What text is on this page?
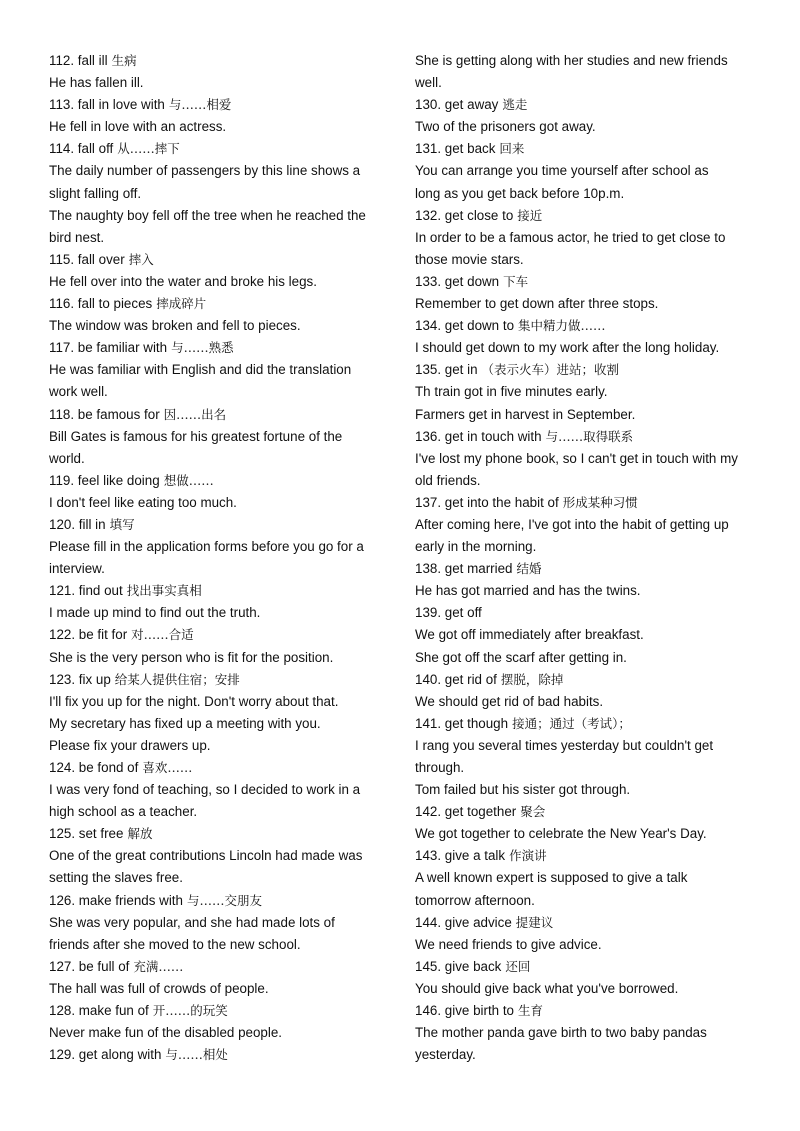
112. fall ill 生病
He has fallen ill.
113. fall in love with 与……相爱
He fell in love with an actress.
114. fall off 从……摔下
The daily number of passengers by this line shows a
slight falling off.
The naughty boy fell off the tree when he reached the
bird nest.
115. fall over 摔入
He fell over into the water and broke his legs.
116. fall to pieces 摔成碎片
The window was broken and fell to pieces.
117. be familiar with 与……熟悉
He was familiar with English and did the translation
work well.
118. be famous for 因……出名
Bill Gates is famous for his greatest fortune of the
world.
119. feel like doing 想做……
I don't feel like eating too much.
120. fill in 填写
Please fill in the application forms before you go for a
interview.
121. find out 找出事实真相
I made up mind to find out the truth.
122. be fit for 对……合适
She is the very person who is fit for the position.
123. fix up 给某人提供住宿；安排
I'll fix you up for the night. Don't worry about that.
My secretary has fixed up a meeting with you.
Please fix your drawers up.
124. be fond of 喜欢……
I was very fond of teaching, so I decided to work in a
high school as a teacher.
125. set free 解放
One of the great contributions Lincoln had made was
setting the slaves free.
126. make friends with 与……交朋友
She was very popular, and she had made lots of
friends after she moved to the new school.
127. be full of 充满……
The hall was full of crowds of people.
128. make fun of 开……的玩笑
Never make fun of the disabled people.
129. get along with 与……相处
She is getting along with her studies and new friends
well.
130. get away 逃走
Two of the prisoners got away.
131. get back 回来
You can arrange you time yourself after school as
long as you get back before 10p.m.
132. get close to 接近
In order to be a famous actor, he tried to get close to
those movie stars.
133. get down 下车
Remember to get down after three stops.
134. get down to 集中精力做……
I should get down to my work after the long holiday.
135. get in （表示火车）进站；收割
Th train got in five minutes early.
Farmers get in harvest in September.
136. get in touch with 与……取得联系
I've lost my phone book, so I can't get in touch with my
old friends.
137. get into the habit of 形成某种习惯
After coming here, I've got into the habit of getting up
early in the morning.
138. get married 结婚
He has got married and has the twins.
139. get off
We got off immediately after breakfast.
She got off the scarf after getting in.
140. get rid of 摆脱，除掉
We should get rid of bad habits.
141. get though 接通；通过（考试）；
I rang you several times yesterday but couldn't get
through.
Tom failed but his sister got through.
142. get together 聚会
We got together to celebrate the New Year's Day.
143. give a talk 作演讲
A well known expert is supposed to give a talk
tomorrow afternoon.
144. give advice 提建议
We need friends to give advice.
145. give back 还回
You should give back what you've borrowed.
146. give birth to 生育
The mother panda gave birth to two baby pandas
yesterday.
